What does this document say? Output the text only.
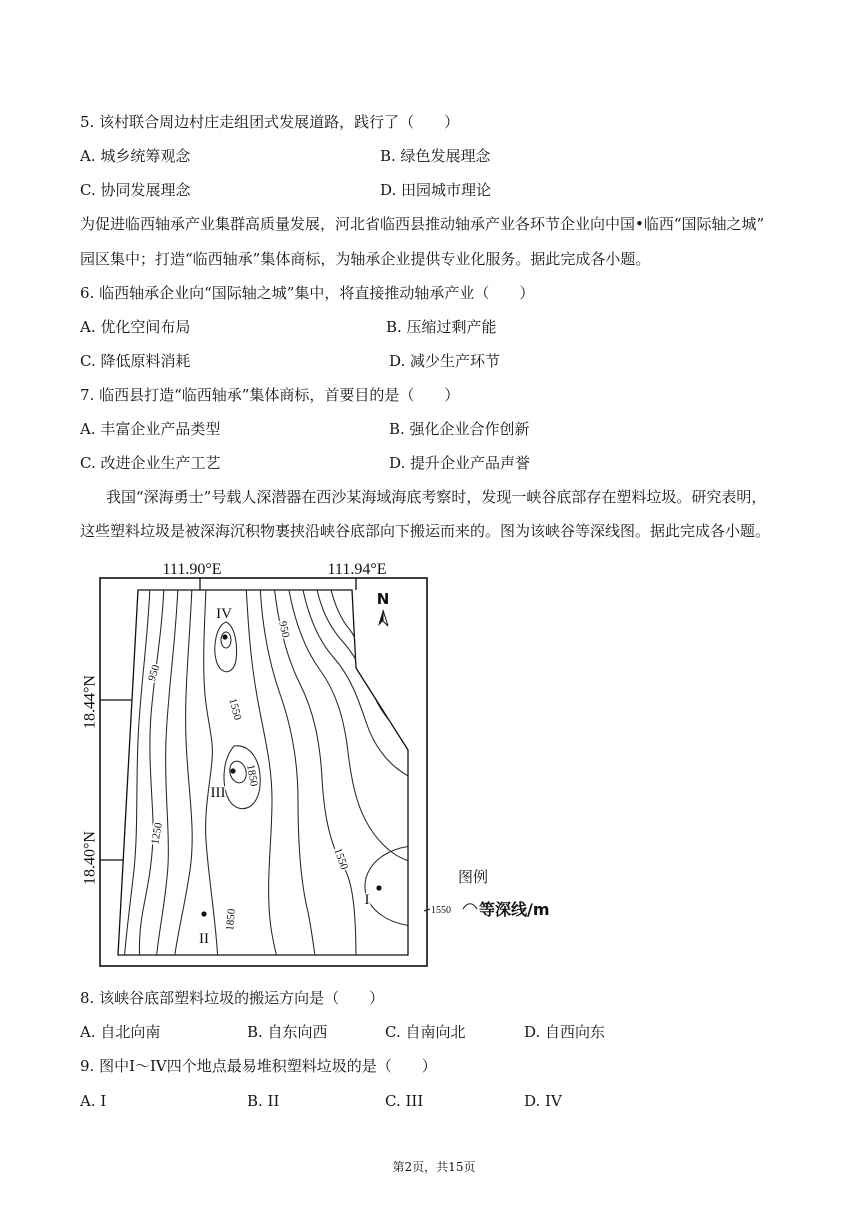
5. 该村联合周边村庄走组团式发展道路，践行了（　　）
A. 城乡统筹观念	B. 绿色发展理念
C. 协同发展理念	D. 田园城市理论
为促进临西轴承产业集群高质量发展，河北省临西县推动轴承产业各环节企业向中国•临西“国际轴之城”
园区集中；打造“临西轴承”集体商标，为轴承企业提供专业化服务。据此完成各小题。
6. 临西轴承企业向“国际轴之城”集中，将直接推动轴承产业（　　）
A. 优化空间布局	B. 压缩过剩产能
C. 降低原料消耗	D. 减少生产环节
7. 临西县打造“临西轴承”集体商标，首要目的是（　　）
A. 丰富企业产品类型	B. 强化企业合作创新
C. 改进企业生产工艺	D. 提升企业产品声誉
我国“深海勇士”号载人深潜器在西沙某海域海底考察时，发现一峡谷底部存在塑料垃圾。研究表明，
这些塑料垃圾是被深海沉积物裹挟沿峡谷底部向下搬运而来的。图为该峡谷等深线图。据此完成各小题。
111.90°E	111.94°E
18.44°N
18.40°N
950
950
1550
1850
1250
1550
1850
IV
III
II
I
N
图例
1550 等深线/m
8. 该峡谷底部塑料垃圾的搬运方向是（　　）
A. 自北向南	B. 自东向西	C. 自南向北	D. 自西向东
9. 图中I～IV四个地点最易堆积塑料垃圾的是（　　）
A. I	B. II	C. III	D. IV
第2页，共15页
